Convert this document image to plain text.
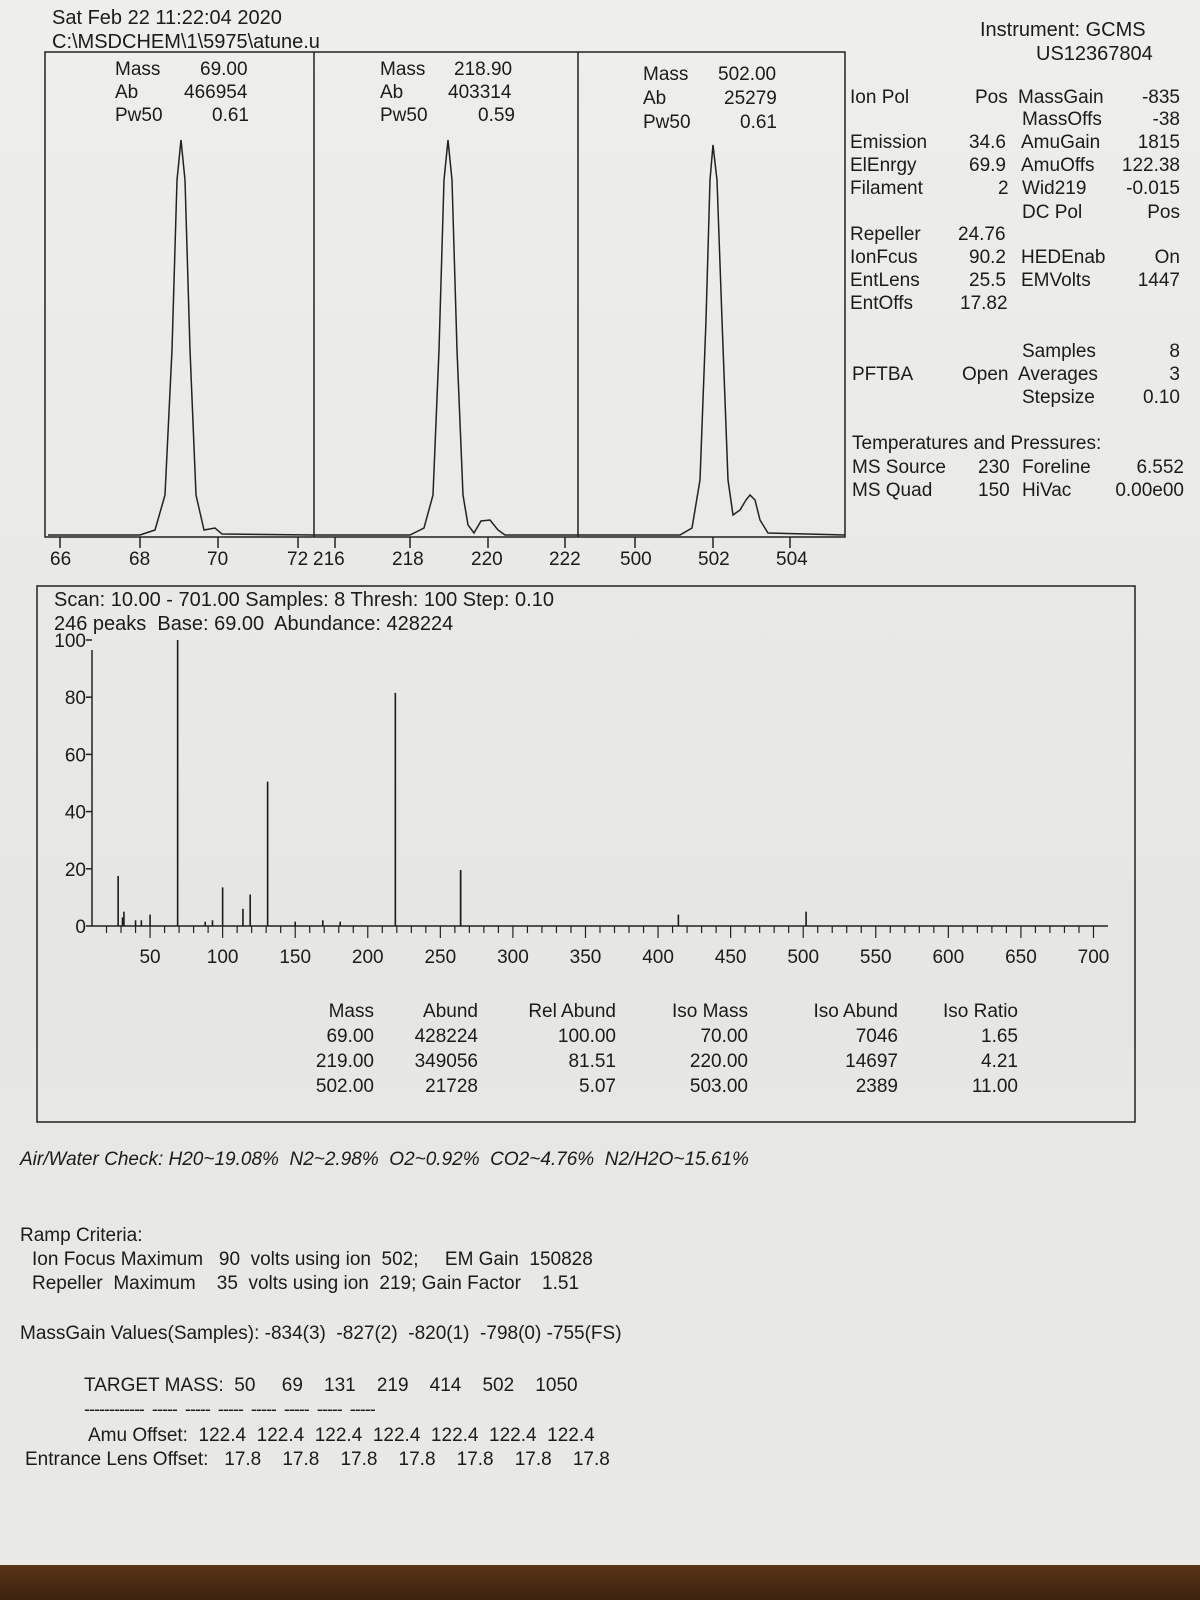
Sat Feb 22 11:22:04 2020
C:\MSDCHEM\1\5975\atune.u
Instrument: GCMS
US12367804
Mass 69.00
Ab 466954
Pw50	0.61
Mass 218.90
Ab 403314
Pw50	0.59
Mass 502.00
Ab	25279
Pw50	0.61
66	68	70	72 216 218 220 222 500 502 504
Ion Pol	Pos MassGain	-835
MassOffs	-38
Emission 34.6 AmuGain	1815
ElEnrgy	69.9 AmuOffs	122.38
Filament	2 Wid219	-0.015
DC Pol	Pos
Repeller 24.76
IonFcus	90.2 HEDEnab	On
EntLens	25.5 EMVolts	1447
EntOffs 17.82
Samples	8
PFTBA	Open Averages	3
Stepsize	0.10
Temperatures and Pressures:
MS Source 230 Foreline	6.552
MS Quad 150 HiVac	0.00e00
0
20
40
60
80
100
50 100 150 200 250 300 350 400 450 500 550 600 650 700
Scan: 10.00 - 701.00 Samples: 8 Thresh: 100 Step: 0.10
246 peaks  Base: 69.00  Abundance: 428224
Mass	Abund	Rel Abund	Iso Mass	Iso Abund	Iso Ratio
69.00	428224	100.00	70.00	7046	1.65
219.00	349056	81.51	220.00	14697	4.21
502.00	21728	5.07	503.00	2389	11.00
Air/Water Check: H20~19.08%  N2~2.98%  O2~0.92%  CO2~4.76%  N2/H2O~15.61%
Ramp Criteria:
Ion Focus Maximum   90  volts using ion  502;     EM Gain  150828
Repeller  Maximum    35  volts using ion  219; Gain Factor    1.51
MassGain Values(Samples): -834(3)  -827(2)  -820(1)  -798(0) -755(FS)
TARGET MASS:  50     69    131    219    414    502    1050
------------  -----  -----  -----  -----  -----  -----  -----
Amu Offset:  122.4  122.4  122.4  122.4  122.4  122.4  122.4
Entrance Lens Offset:   17.8    17.8    17.8    17.8    17.8    17.8    17.8
